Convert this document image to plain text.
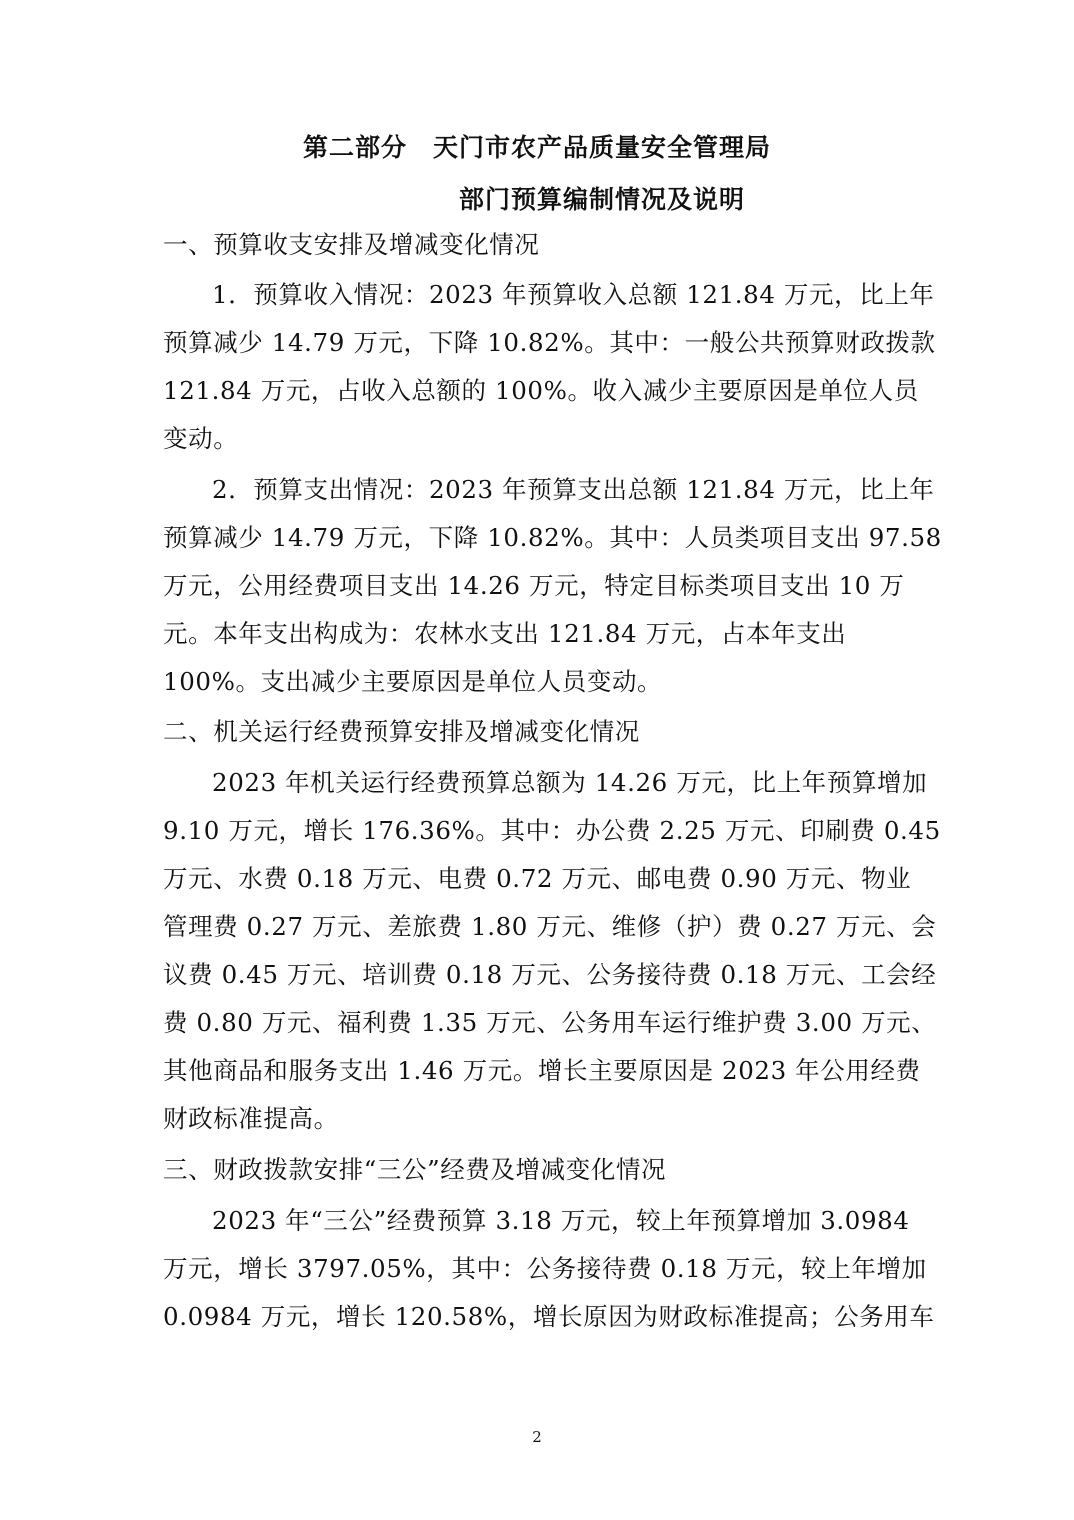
第二部分　天门市农产品质量安全管理局
部门预算编制情况及说明
一、预算收支安排及增减变化情况
1．预算收入情况：2023 年预算收入总额 121.84 万元，比上年
预算减少 14.79 万元，下降 10.82%。其中：一般公共预算财政拨款
121.84 万元，占收入总额的 100%。收入减少主要原因是单位人员
变动。
2．预算支出情况：2023 年预算支出总额 121.84 万元，比上年
预算减少 14.79 万元，下降 10.82%。其中：人员类项目支出 97.58
万元，公用经费项目支出 14.26 万元，特定目标类项目支出 10 万
元。本年支出构成为：农林水支出 121.84 万元，占本年支出
100%。支出减少主要原因是单位人员变动。
二、机关运行经费预算安排及增减变化情况
2023 年机关运行经费预算总额为 14.26 万元，比上年预算增加
9.10 万元，增长 176.36%。其中：办公费 2.25 万元、印刷费 0.45
万元、水费 0.18 万元、电费 0.72 万元、邮电费 0.90 万元、物业
管理费 0.27 万元、差旅费 1.80 万元、维修（护）费 0.27 万元、会
议费 0.45 万元、培训费 0.18 万元、公务接待费 0.18 万元、工会经
费 0.80 万元、福利费 1.35 万元、公务用车运行维护费 3.00 万元、
其他商品和服务支出 1.46 万元。增长主要原因是 2023 年公用经费
财政标准提高。
三、财政拨款安排“三公”经费及增减变化情况
2023 年“三公”经费预算 3.18 万元，较上年预算增加 3.0984
万元，增长 3797.05%，其中：公务接待费 0.18 万元，较上年增加
0.0984 万元，增长 120.58%，增长原因为财政标准提高；公务用车
2
